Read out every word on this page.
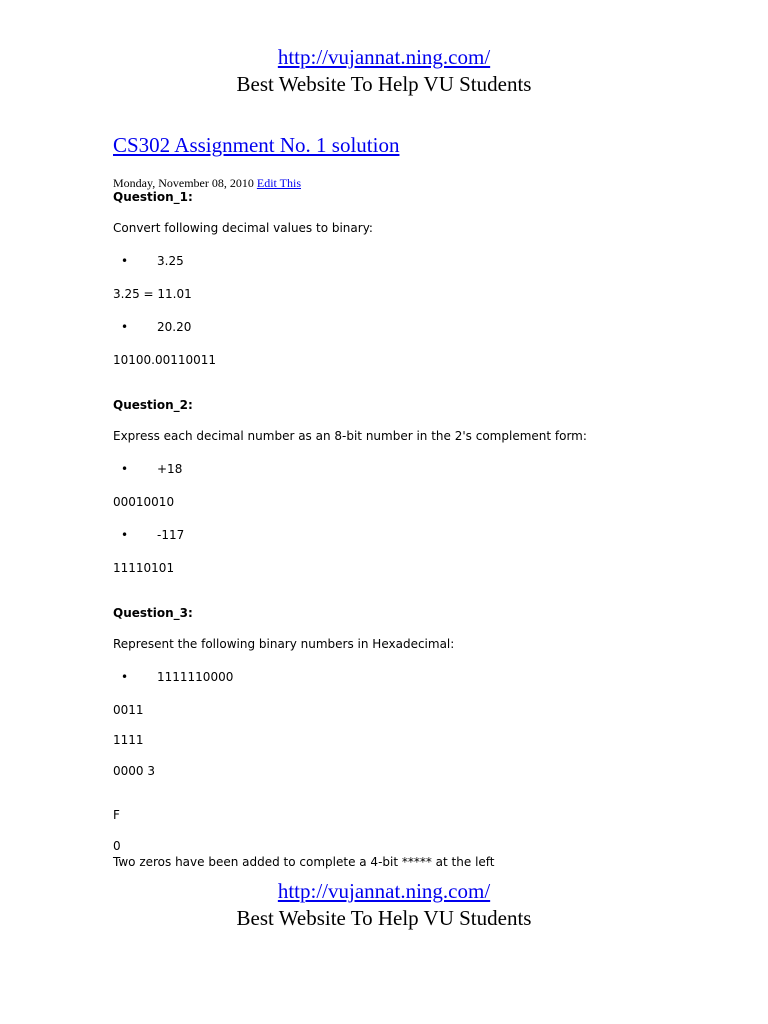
http://vujannat.ning.com/

Best Website To Help VU Students

CS302 Assignment No. 1 solution

Monday, November 08, 2010 Edit This

Question_1:

Convert following decimal values to binary:

• 3.25

3.25 = 11.01

• 20.20

10100.00110011

Question_2:

Express each decimal number as an 8-bit number in the 2's complement form:

• +18

00010010

• -117

11110101

Question_3:

Represent the following binary numbers in Hexadecimal:

• 1111110000

0011

1111

0000 3

F

0

Two zeros have been added to complete a 4-bit ***** at the left

http://vujannat.ning.com/

Best Website To Help VU Students
